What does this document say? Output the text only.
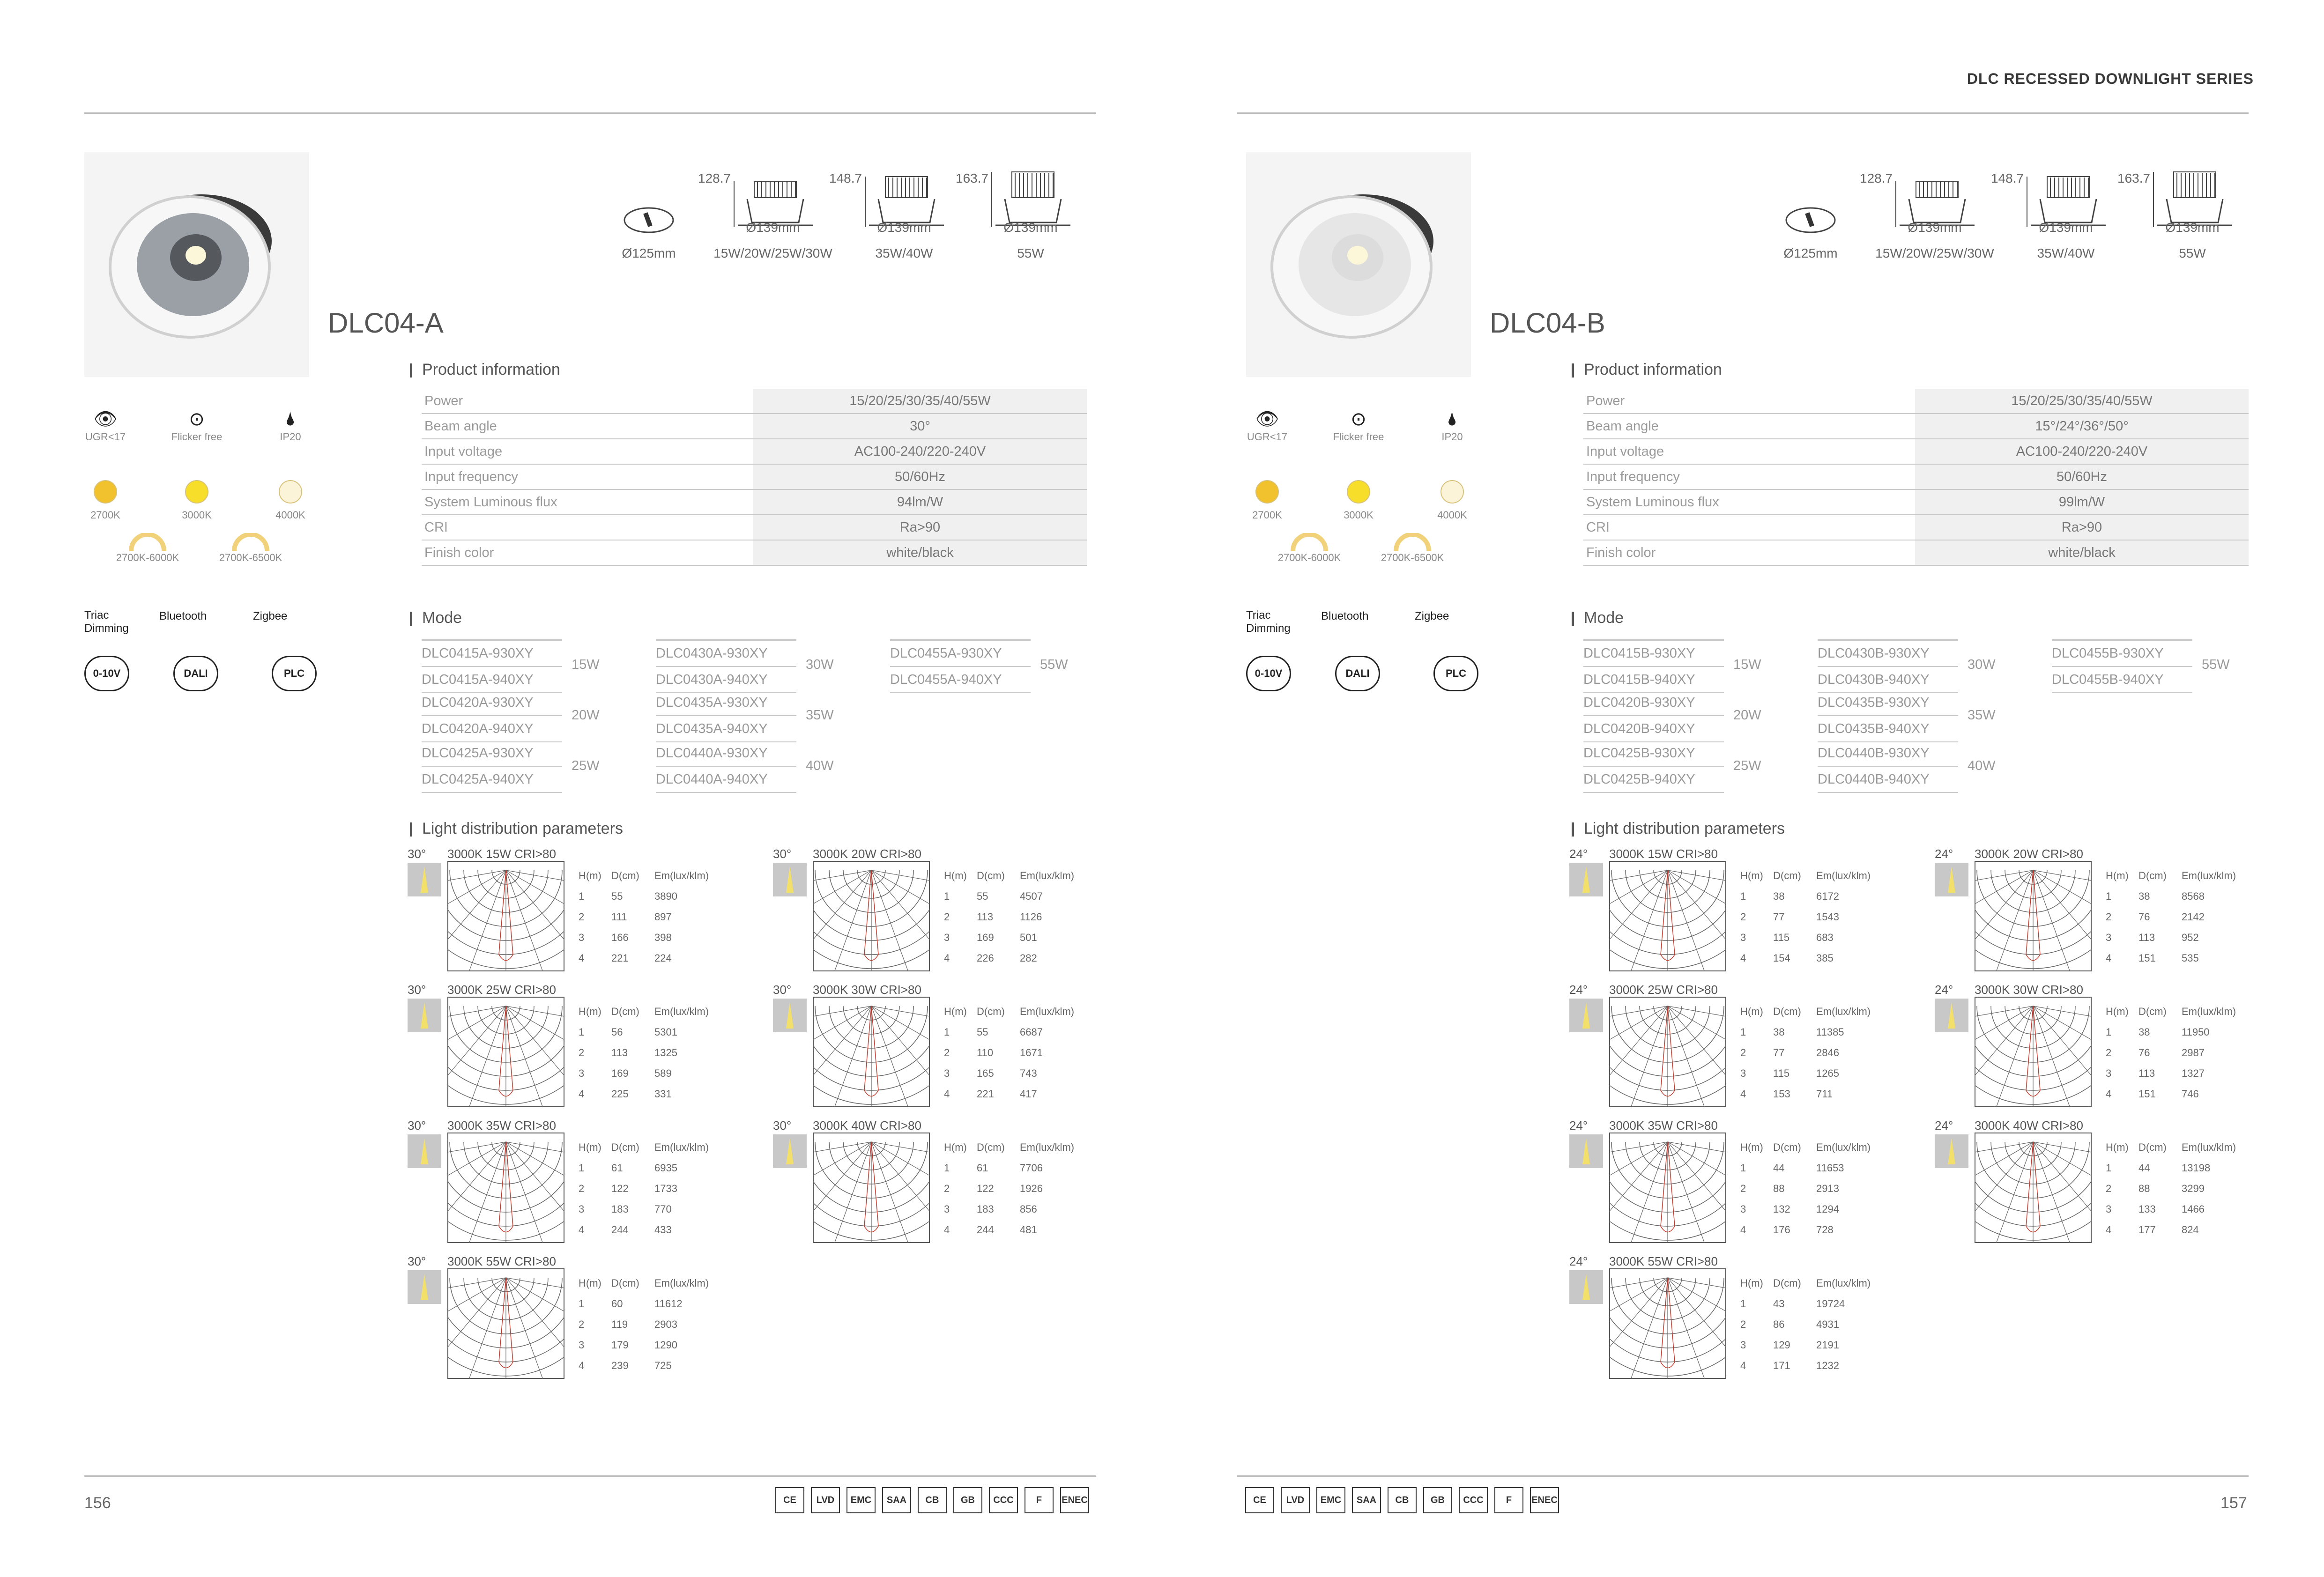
DLC RECESSED DOWNLIGHT SERIES
DLC04-A
Ø125mm
128.7
Ø139mm
15W/20W/25W/30W
148.7
Ø139mm
35W/40W
163.7
Ø139mm
55W
👁
UGR<17
⊙
Flicker free
🌢
IP20
2700K	3000K	4000K
2700K-6000K	2700K-6500K
Triac Dimming
Bluetooth	Zigbee
0-10V	DALI	PLC
Product information
Power	15/20/25/30/35/40/55W
Beam angle	30°
Input voltage	AC100-240/220-240V
Input frequency	50/60Hz
System Luminous flux	94lm/W
CRI	Ra>90
Finish color	white/black
Mode
DLC0415A-930XY
DLC0415A-940XY
15W
DLC0420A-930XY
DLC0420A-940XY
20W
DLC0425A-930XY
DLC0425A-940XY
25W
DLC0430A-930XY
DLC0430A-940XY
30W
DLC0435A-930XY
DLC0435A-940XY
35W
DLC0440A-930XY
DLC0440A-940XY
40W
DLC0455A-930XY
DLC0455A-940XY
55W
Light distribution parameters
30° 3000K 15W CRI>80
H(m)	D(cm)	Em(lux/klm)
1	55	3890
2	111	897
3	166	398
4	221	224
30° 3000K 20W CRI>80
H(m)	D(cm)	Em(lux/klm)
1	55	4507
2	113	1126
3	169	501
4	226	282
30° 3000K 25W CRI>80
H(m)	D(cm)	Em(lux/klm)
1	56	5301
2	113	1325
3	169	589
4	225	331
30° 3000K 30W CRI>80
H(m)	D(cm)	Em(lux/klm)
1	55	6687
2	110	1671
3	165	743
4	221	417
30° 3000K 35W CRI>80
H(m)	D(cm)	Em(lux/klm)
1	61	6935
2	122	1733
3	183	770
4	244	433
30° 3000K 40W CRI>80
H(m)	D(cm)	Em(lux/klm)
1	61	7706
2	122	1926
3	183	856
4	244	481
30° 3000K 55W CRI>80
H(m)	D(cm)	Em(lux/klm)
1	60	11612
2	119	2903
3	179	1290
4	239	725
156	CE LVD EMC SAA CB GB CCC F ENEC
DLC04-B
Ø125mm
128.7
Ø139mm
15W/20W/25W/30W
148.7
Ø139mm
35W/40W
163.7
Ø139mm
55W
👁
UGR<17
⊙
Flicker free
🌢
IP20
2700K	3000K	4000K
2700K-6000K	2700K-6500K
Triac Dimming
Bluetooth	Zigbee
0-10V	DALI	PLC
Product information
Power	15/20/25/30/35/40/55W
Beam angle	15°/24°/36°/50°
Input voltage	AC100-240/220-240V
Input frequency	50/60Hz
System Luminous flux	99lm/W
CRI	Ra>90
Finish color	white/black
Mode
DLC0415B-930XY
DLC0415B-940XY
15W
DLC0420B-930XY
DLC0420B-940XY
20W
DLC0425B-930XY
DLC0425B-940XY
25W
DLC0430B-930XY
DLC0430B-940XY
30W
DLC0435B-930XY
DLC0435B-940XY
35W
DLC0440B-930XY
DLC0440B-940XY
40W
DLC0455B-930XY
DLC0455B-940XY
55W
Light distribution parameters
24° 3000K 15W CRI>80
H(m)	D(cm)	Em(lux/klm)
1	38	6172
2	77	1543
3	115	683
4	154	385
24° 3000K 20W CRI>80
H(m)	D(cm)	Em(lux/klm)
1	38	8568
2	76	2142
3	113	952
4	151	535
24° 3000K 25W CRI>80
H(m)	D(cm)	Em(lux/klm)
1	38	11385
2	77	2846
3	115	1265
4	153	711
24° 3000K 30W CRI>80
H(m)	D(cm)	Em(lux/klm)
1	38	11950
2	76	2987
3	113	1327
4	151	746
24° 3000K 35W CRI>80
H(m)	D(cm)	Em(lux/klm)
1	44	11653
2	88	2913
3	132	1294
4	176	728
24° 3000K 40W CRI>80
H(m)	D(cm)	Em(lux/klm)
1	44	13198
2	88	3299
3	133	1466
4	177	824
24° 3000K 55W CRI>80
H(m)	D(cm)	Em(lux/klm)
1	43	19724
2	86	4931
3	129	2191
4	171	1232
157
CE LVD EMC SAA CB GB CCC F ENEC
